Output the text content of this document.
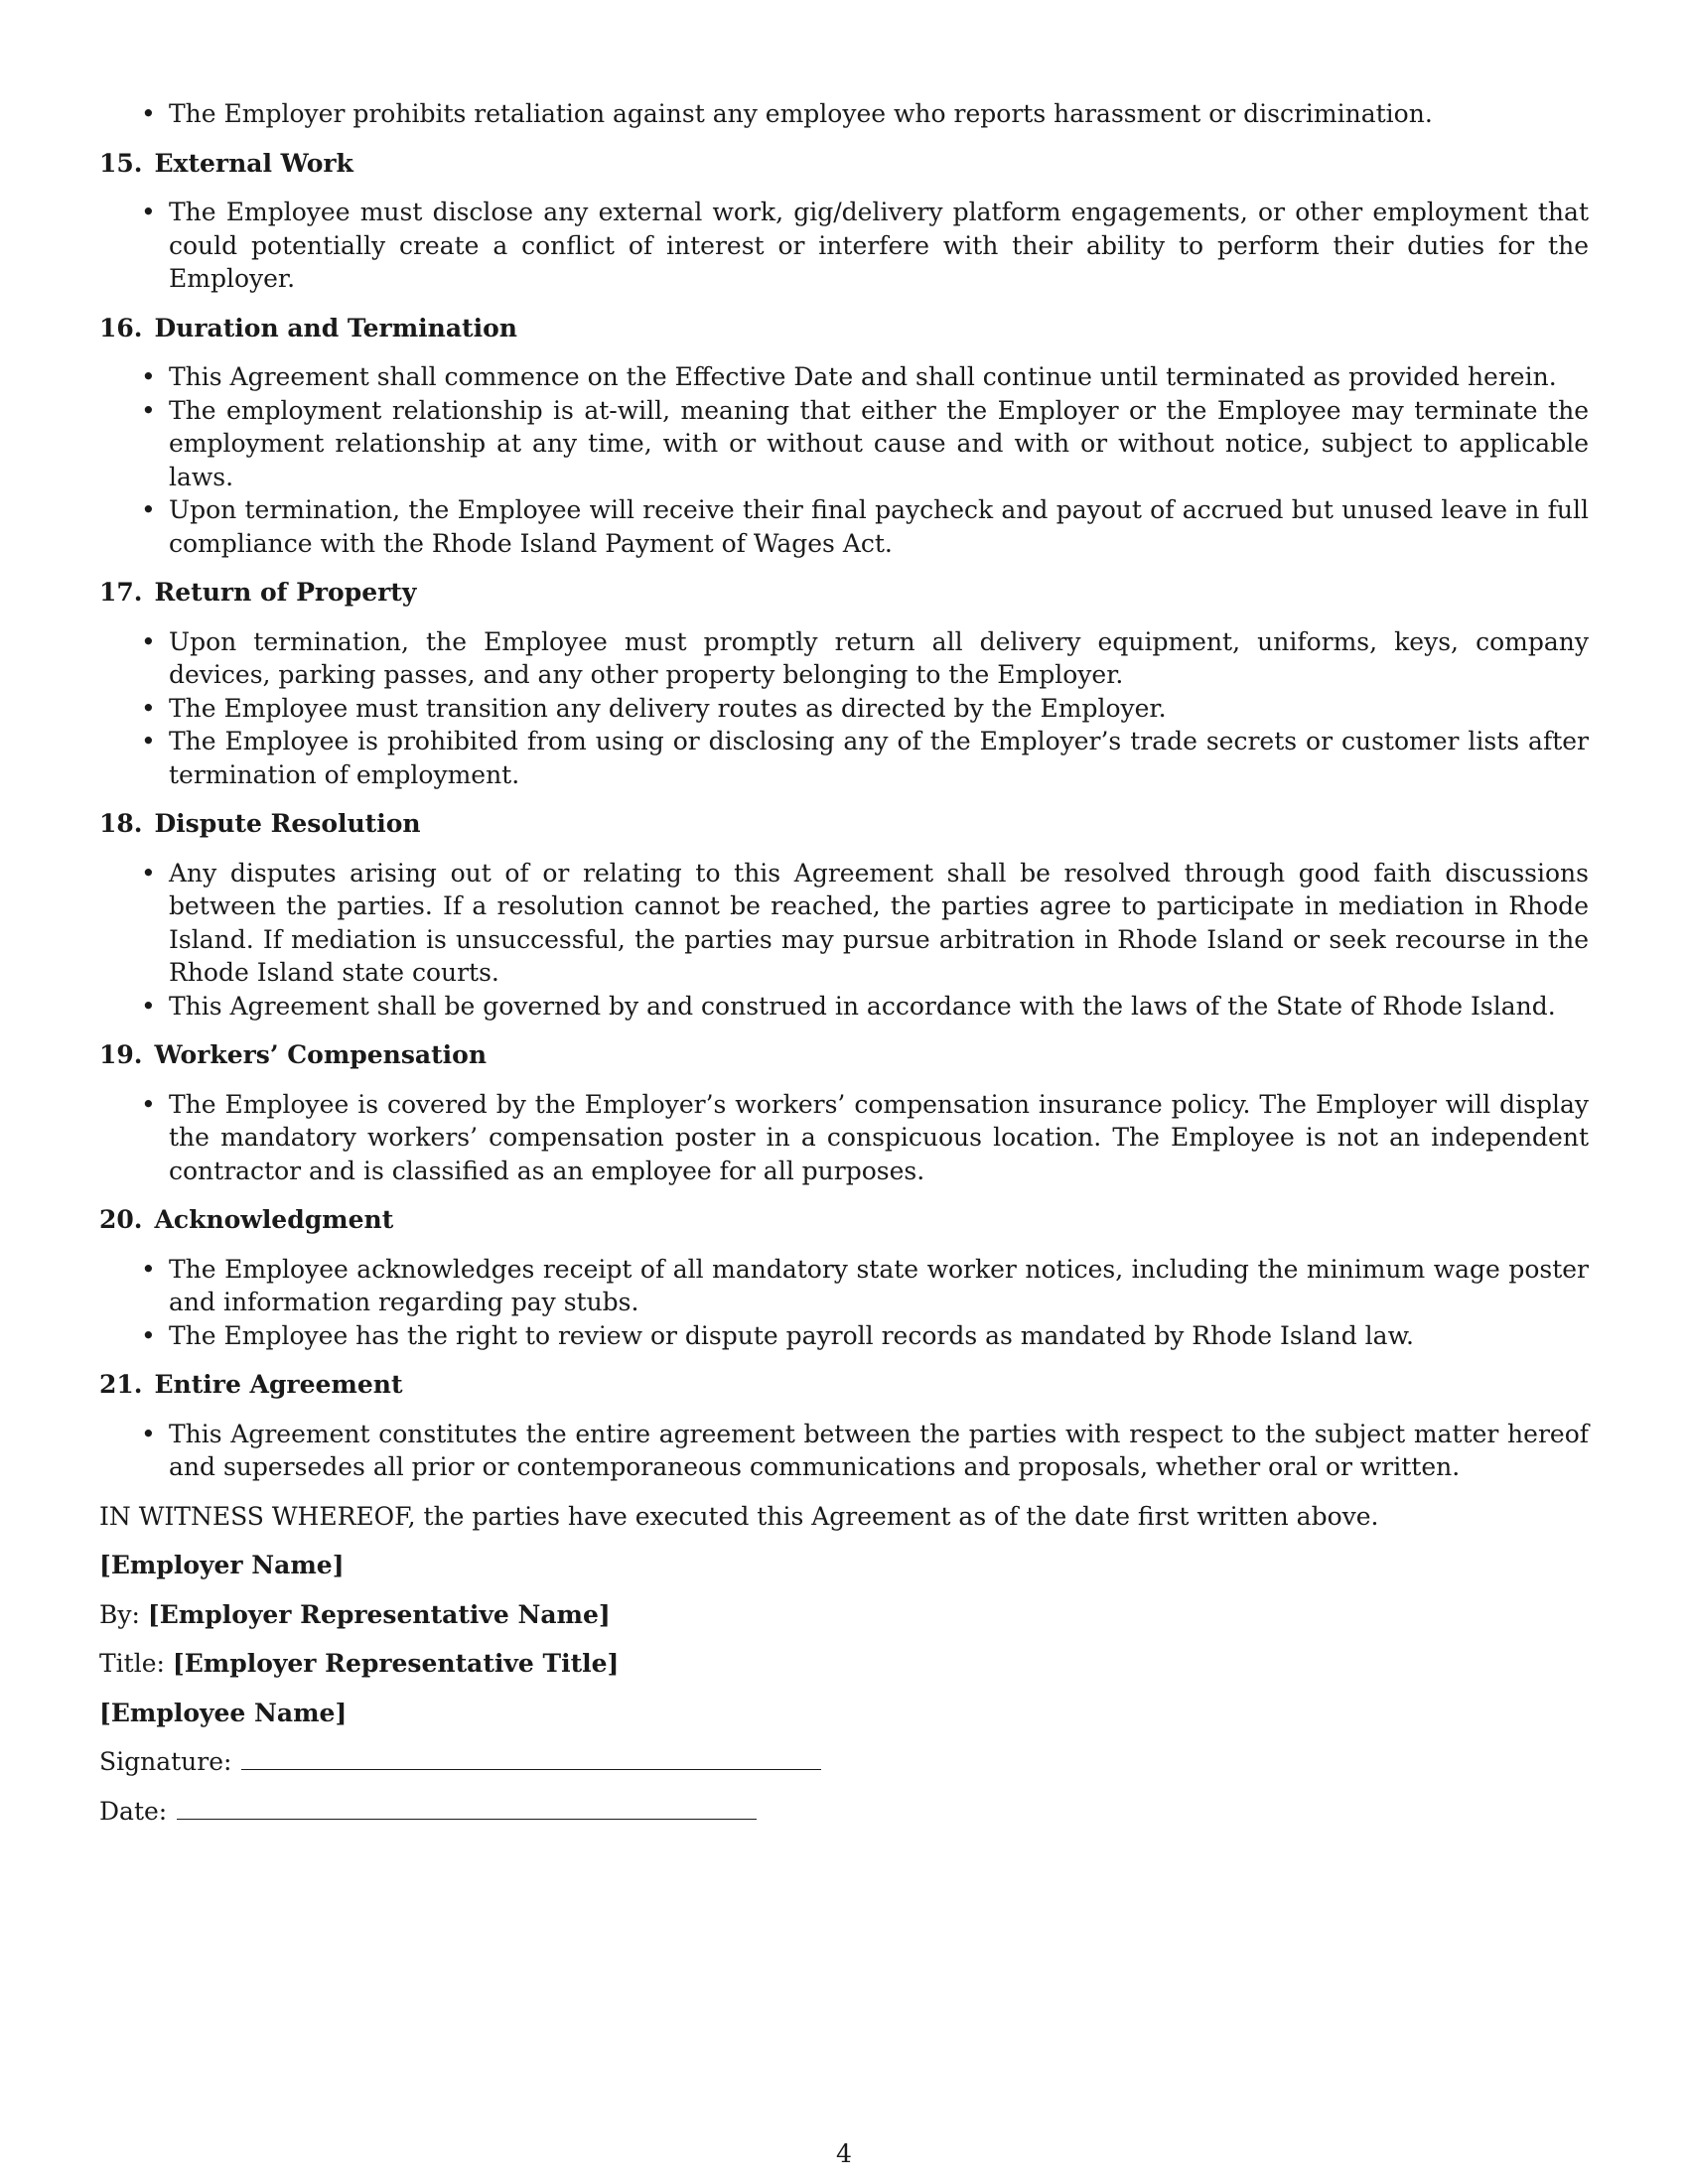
• The Employer prohibits retaliation against any employee who reports harassment or discrimination.
15. External Work
• The Employee must disclose any external work, gig/delivery platform engagements, or other employment that could potentially create a conflict of interest or interfere with their ability to perform their duties for the Employer.
16. Duration and Termination
• This Agreement shall commence on the Effective Date and shall continue until terminated as provided herein.
• The employment relationship is at-will, meaning that either the Employer or the Employee may terminate the employment relationship at any time, with or without cause and with or without notice, subject to applicable laws.
• Upon termination, the Employee will receive their final paycheck and payout of accrued but unused leave in full compliance with the Rhode Island Payment of Wages Act.
17. Return of Property
• Upon termination, the Employee must promptly return all delivery equipment, uniforms, keys, company devices, parking passes, and any other property belonging to the Employer.
• The Employee must transition any delivery routes as directed by the Employer.
• The Employee is prohibited from using or disclosing any of the Employer’s trade secrets or customer lists after termination of employment.
18. Dispute Resolution
• Any disputes arising out of or relating to this Agreement shall be resolved through good faith discussions between the parties. If a resolution cannot be reached, the parties agree to participate in mediation in Rhode Island. If mediation is unsuccessful, the parties may pursue arbitration in Rhode Island or seek recourse in the Rhode Island state courts.
• This Agreement shall be governed by and construed in accordance with the laws of the State of Rhode Island.
19. Workers’ Compensation
• The Employee is covered by the Employer’s workers’ compensation insurance policy. The Employer will display the mandatory workers’ compensation poster in a conspicuous location. The Employee is not an independent contractor and is classified as an employee for all purposes.
20. Acknowledgment
• The Employee acknowledges receipt of all mandatory state worker notices, including the minimum wage poster and information regarding pay stubs.
• The Employee has the right to review or dispute payroll records as mandated by Rhode Island law.
21. Entire Agreement
• This Agreement constitutes the entire agreement between the parties with respect to the subject matter hereof and supersedes all prior or contemporaneous communications and proposals, whether oral or written.
IN WITNESS WHEREOF, the parties have executed this Agreement as of the date first written above.
[Employer Name]
By: [Employer Representative Name]
Title: [Employer Representative Title]
[Employee Name]
Signature:
Date:
4
